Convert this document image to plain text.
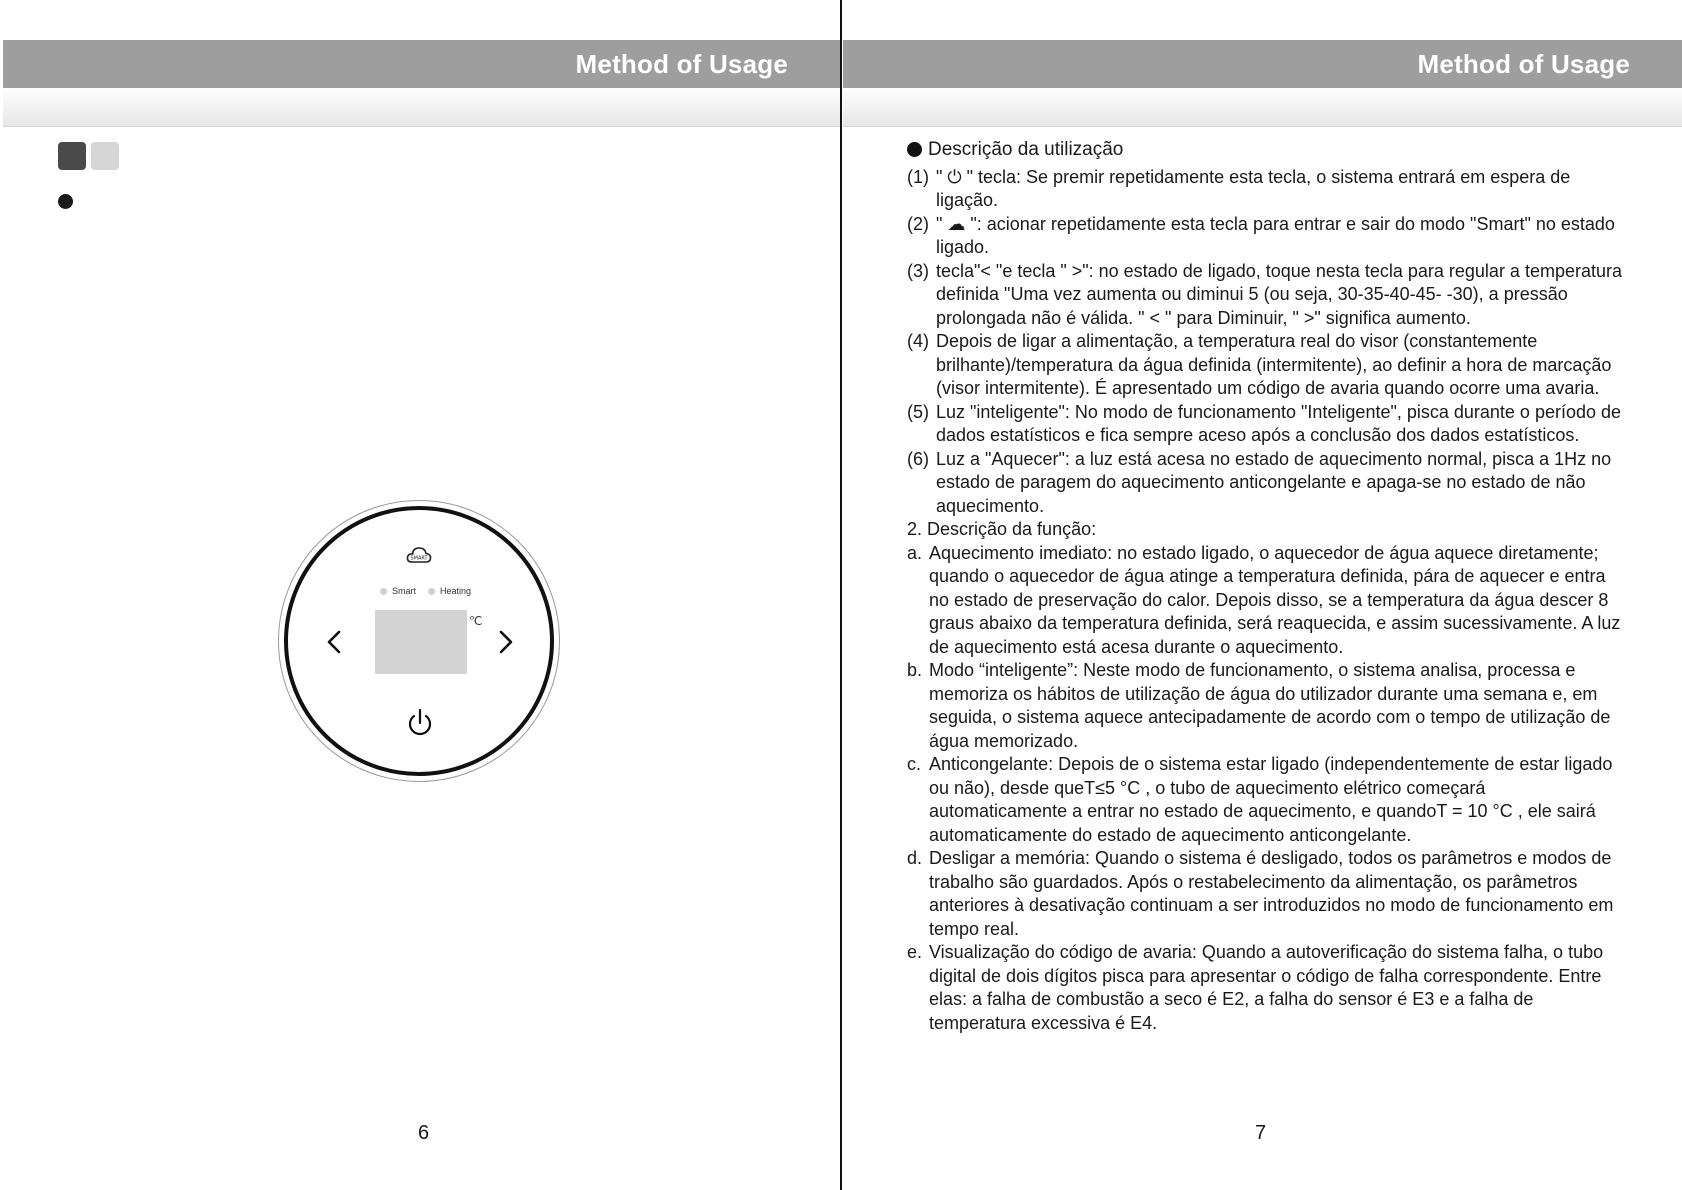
Method of Usage
SMART
Smart	Heating
℃
6
Method of Usage
Descrição da utilização
(1) " ⏻ " tecla: Se premir repetidamente esta tecla, o sistema entrará em espera de ligação.
(2) " ☁ ": acionar repetidamente esta tecla para entrar e sair do modo "Smart" no estado ligado.
(3) tecla"< "e tecla " >": no estado de ligado, toque nesta tecla para regular a temperatura definida "Uma vez aumenta ou diminui 5 (ou seja, 30-35-40-45- -30), a pressão prolongada não é válida. " < " para Diminuir, " >" significa aumento.
(4) Depois de ligar a alimentação, a temperatura real do visor (constantemente brilhante)/temperatura da água definida (intermitente), ao definir a hora de marcação (visor intermitente). É apresentado um código de avaria quando ocorre uma avaria.
(5) Luz "inteligente": No modo de funcionamento "Inteligente", pisca durante o período de dados estatísticos e fica sempre aceso após a conclusão dos dados estatísticos.
(6) Luz a "Aquecer": a luz está acesa no estado de aquecimento normal, pisca a 1Hz no estado de paragem do aquecimento anticongelante e apaga-se no estado de não aquecimento.
2. Descrição da função:
a. Aquecimento imediato: no estado ligado, o aquecedor de água aquece diretamente; quando o aquecedor de água atinge a temperatura definida, pára de aquecer e entra no estado de preservação do calor. Depois disso, se a temperatura da água descer 8 graus abaixo da temperatura definida, será reaquecida, e assim sucessivamente. A luz de aquecimento está acesa durante o aquecimento.
b. Modo “inteligente”: Neste modo de funcionamento, o sistema analisa, processa e memoriza os hábitos de utilização de água do utilizador durante uma semana e, em seguida, o sistema aquece antecipadamente de acordo com o tempo de utilização de água memorizado.
c. Anticongelante: Depois de o sistema estar ligado (independentemente de estar ligado ou não), desde queT≤5 °C , o tubo de aquecimento elétrico começará automaticamente a entrar no estado de aquecimento, e quandoT = 10 °C , ele sairá automaticamente do estado de aquecimento anticongelante.
d. Desligar a memória: Quando o sistema é desligado, todos os parâmetros e modos de trabalho são guardados. Após o restabelecimento da alimentação, os parâmetros anteriores à desativação continuam a ser introduzidos no modo de funcionamento em tempo real.
e. Visualização do código de avaria: Quando a autoverificação do sistema falha, o tubo digital de dois dígitos pisca para apresentar o código de falha correspondente. Entre elas: a falha de combustão a seco é E2, a falha do sensor é E3 e a falha de temperatura excessiva é E4.
7
